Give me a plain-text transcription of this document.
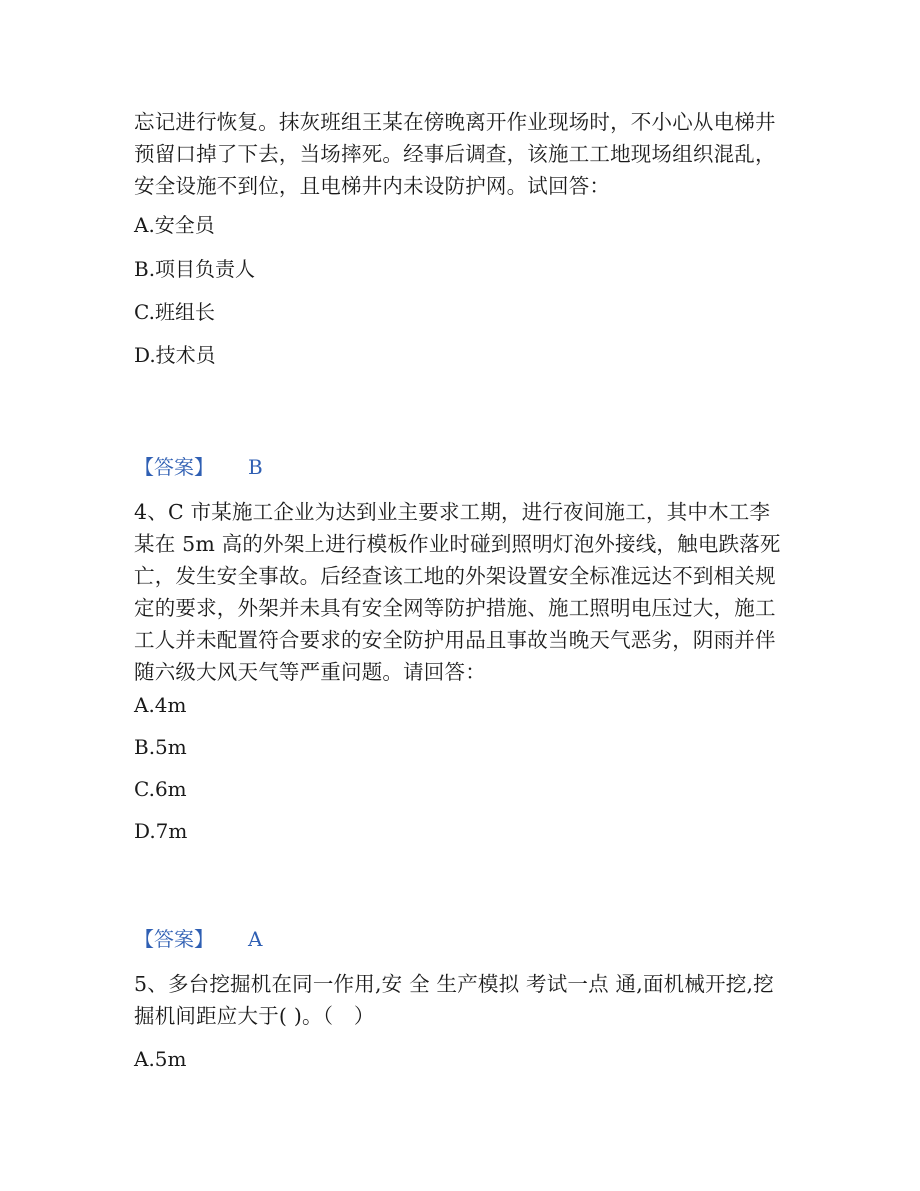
忘记进行恢复。抹灰班组王某在傍晚离开作业现场时，不小心从电梯井预留口掉了下去，当场摔死。经事后调查，该施工工地现场组织混乱，安全设施不到位，且电梯井内未设防护网。试回答：

A.安全员

B.项目负责人

C.班组长

D.技术员

【答案】 B

4、C 市某施工企业为达到业主要求工期，进行夜间施工，其中木工李某在 5m 高的外架上进行模板作业时碰到照明灯泡外接线，触电跌落死亡，发生安全事故。后经查该工地的外架设置安全标准远达不到相关规定的要求，外架并未具有安全网等防护措施、施工照明电压过大，施工工人并未配置符合要求的安全防护用品且事故当晚天气恶劣，阴雨并伴随六级大风天气等严重问题。请回答：

A.4m

B.5m

C.6m

D.7m

【答案】 A

5、多台挖掘机在同一作用,安 全 生产模拟 考试一点 通,面机械开挖,挖掘机间距应大于( )。（　）

A.5m
